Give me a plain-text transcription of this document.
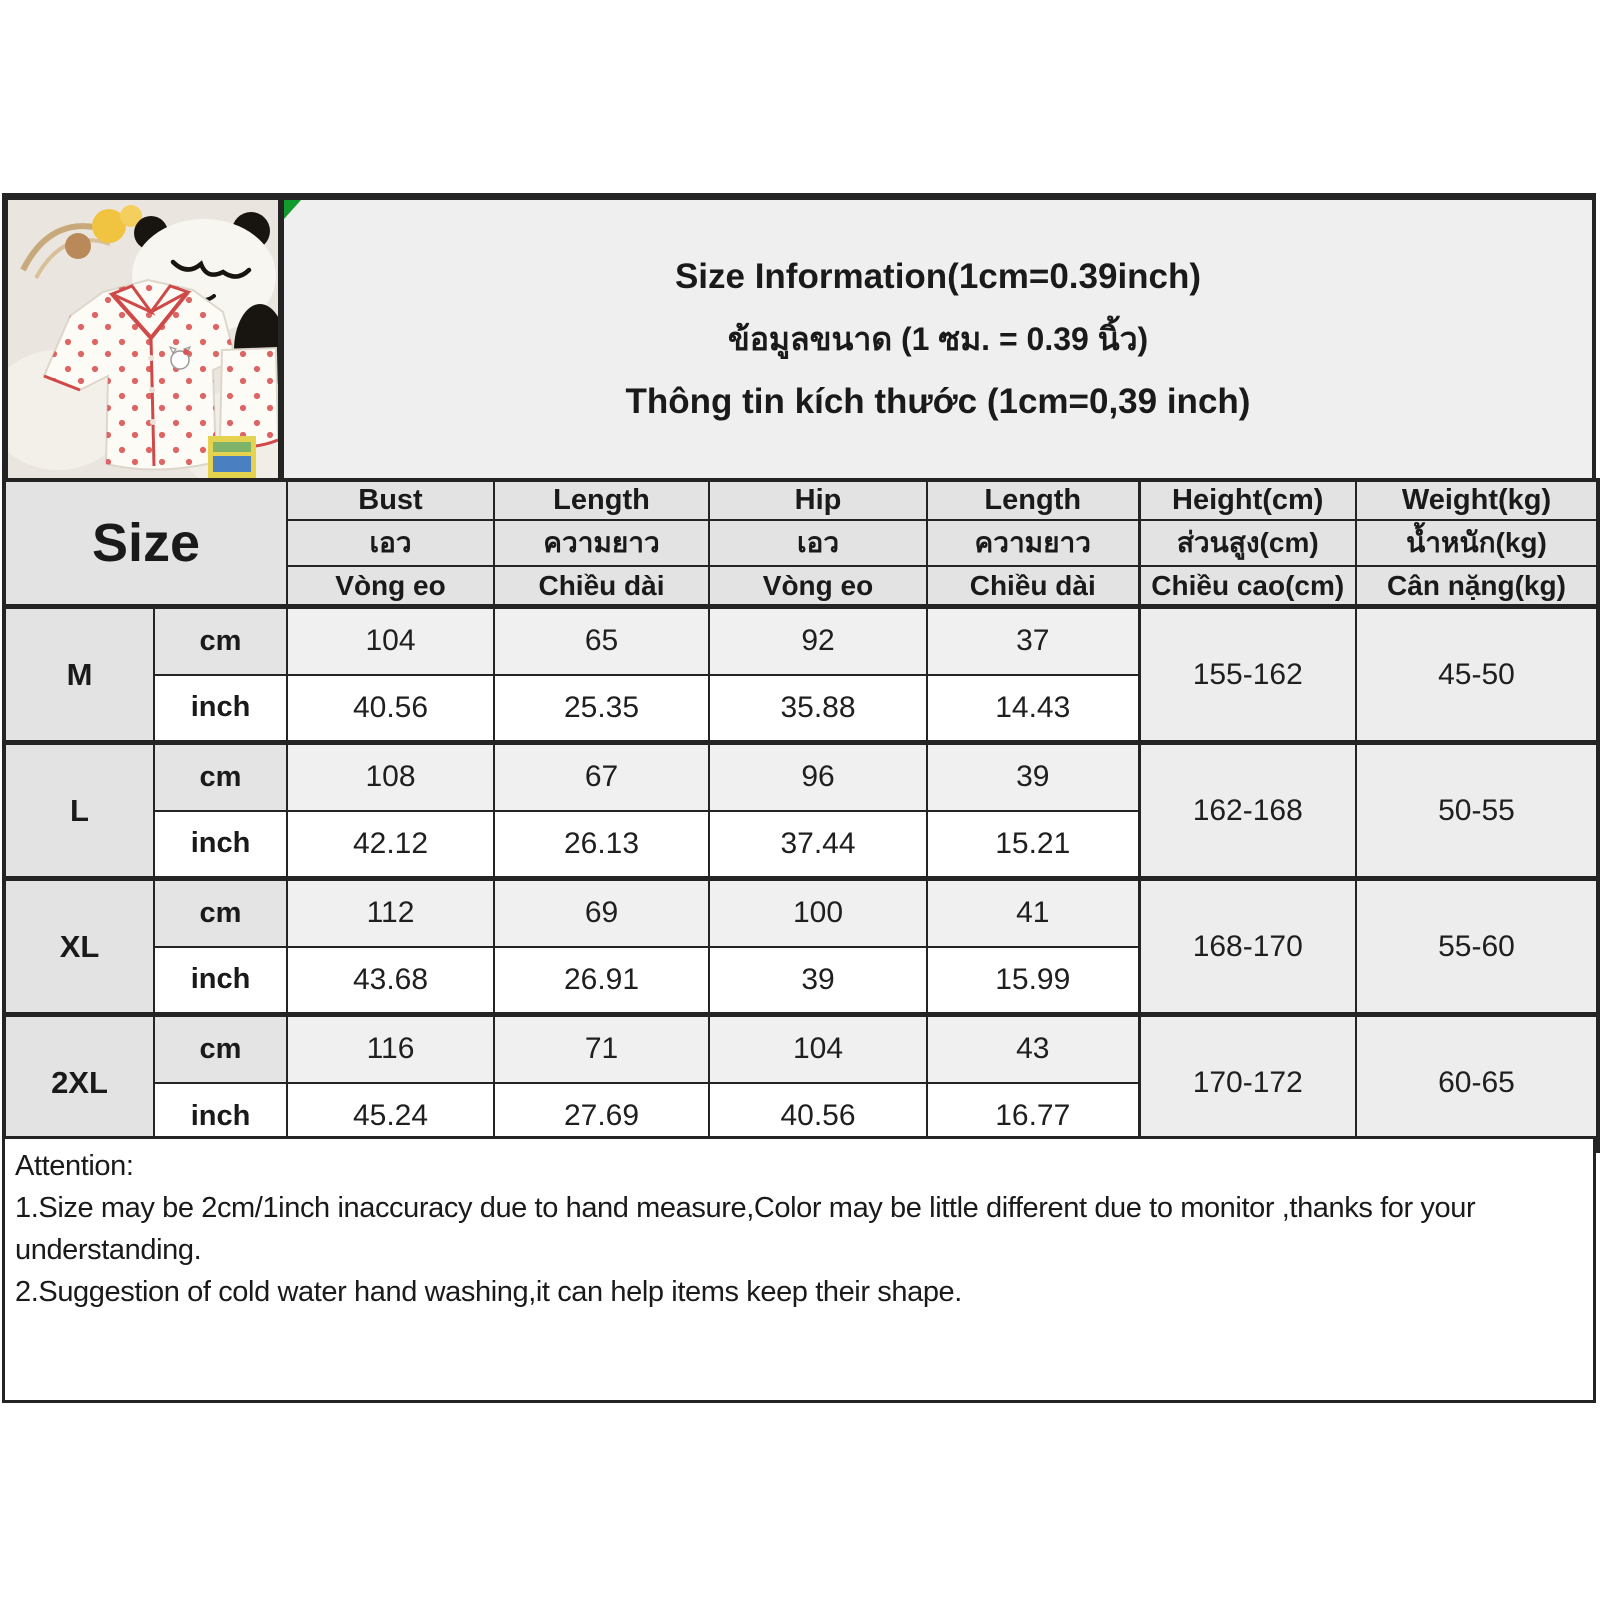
Size Information(1cm=0.39inch)
ข้อมูลขนาด (1 ซม. = 0.39 นิ้ว)
Thông tin kích thước (1cm=0,39 inch)
Size		Bust	Length	Hip	Length	Height(cm)	Weight(kg)
		เอว	ความยาว	เอว	ความยาว	ส่วนสูง(cm)	น้ำหนัก(kg)
		Vòng eo	Chiều dài	Vòng eo	Chiều dài	Chiều cao(cm)	Cân nặng(kg)
M	cm	104	65	92	37	155-162	45-50
	inch	40.56	25.35	35.88	14.43		
L	cm	108	67	96	39	162-168	50-55
	inch	42.12	26.13	37.44	15.21		
XL	cm	112	69	100	41	168-170	55-60
	inch	43.68	26.91	39	15.99		
2XL	cm	116	71	104	43	170-172	60-65
	inch	45.24	27.69	40.56	16.77		

Attention:

1.Size may be 2cm/1inch inaccuracy due to hand measure,Color may be little different due to monitor ,thanks for your understanding.

2.Suggestion of cold water hand washing,it can help items keep their shape.
